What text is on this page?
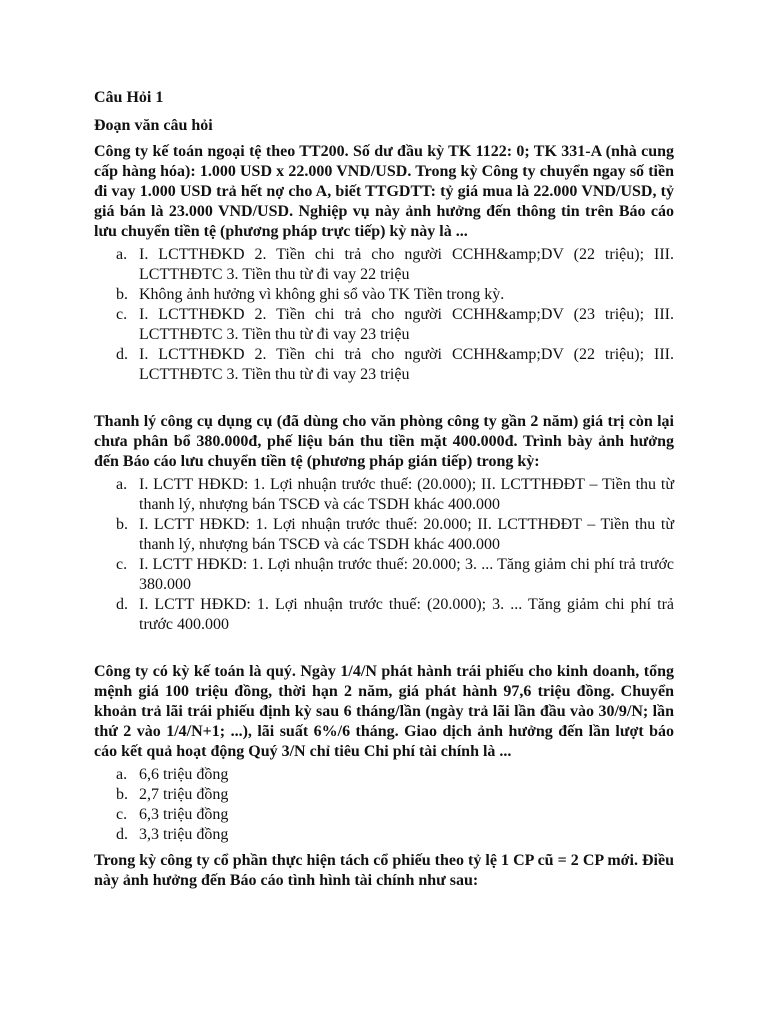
Câu Hỏi 1

Đoạn văn câu hỏi

Công ty kế toán ngoại tệ theo TT200. Số dư đầu kỳ TK 1122: 0; TK 331-A (nhà cung cấp hàng hóa): 1.000 USD x 22.000 VND/USD. Trong kỳ Công ty chuyển ngay số tiền đi vay 1.000 USD trả hết nợ cho A, biết TTGDTT: tỷ giá mua là 22.000 VND/USD, tỷ giá bán là 23.000 VND/USD. Nghiệp vụ này ảnh hưởng đến thông tin trên Báo cáo lưu chuyển tiền tệ (phương pháp trực tiếp) kỳ này là ...

a. I. LCTTHĐKD 2. Tiền chi trả cho người CCHH&amp;DV (22 triệu); III. LCTTHĐTC 3. Tiền thu từ đi vay 22 triệu
b. Không ảnh hưởng vì không ghi sổ vào TK Tiền trong kỳ.
c. I. LCTTHĐKD 2. Tiền chi trả cho người CCHH&amp;DV (23 triệu); III. LCTTHĐTC 3. Tiền thu từ đi vay 23 triệu
d. I. LCTTHĐKD 2. Tiền chi trả cho người CCHH&amp;DV (22 triệu); III. LCTTHĐTC 3. Tiền thu từ đi vay 23 triệu

Thanh lý công cụ dụng cụ (đã dùng cho văn phòng công ty gần 2 năm) giá trị còn lại chưa phân bổ 380.000đ, phế liệu bán thu tiền mặt 400.000đ. Trình bày ảnh hưởng đến Báo cáo lưu chuyển tiền tệ (phương pháp gián tiếp) trong kỳ:

a. I. LCTT HĐKD: 1. Lợi nhuận trước thuế: (20.000); II. LCTTHĐĐT – Tiền thu từ thanh lý, nhượng bán TSCĐ và các TSDH khác 400.000
b. I. LCTT HĐKD: 1. Lợi nhuận trước thuế: 20.000; II. LCTTHĐĐT – Tiền thu từ thanh lý, nhượng bán TSCĐ và các TSDH khác 400.000
c. I. LCTT HĐKD: 1. Lợi nhuận trước thuế: 20.000; 3. ... Tăng giảm chi phí trả trước 380.000
d. I. LCTT HĐKD: 1. Lợi nhuận trước thuế: (20.000); 3. ... Tăng giảm chi phí trả trước 400.000

Công ty có kỳ kế toán là quý. Ngày 1/4/N phát hành trái phiếu cho kinh doanh, tổng mệnh giá 100 triệu đồng, thời hạn 2 năm, giá phát hành 97,6 triệu đồng. Chuyển khoản trả lãi trái phiếu định kỳ sau 6 tháng/lần (ngày trả lãi lần đầu vào 30/9/N; lần thứ 2 vào 1/4/N+1; ...), lãi suất 6%/6 tháng. Giao dịch ảnh hưởng đến lần lượt báo cáo kết quả hoạt động Quý 3/N chỉ tiêu Chi phí tài chính là ...

a. 6,6 triệu đồng
b. 2,7 triệu đồng
c. 6,3 triệu đồng
d. 3,3 triệu đồng

Trong kỳ công ty cổ phần thực hiện tách cổ phiếu theo tỷ lệ 1 CP cũ = 2 CP mới. Điều này ảnh hưởng đến Báo cáo tình hình tài chính như sau:
